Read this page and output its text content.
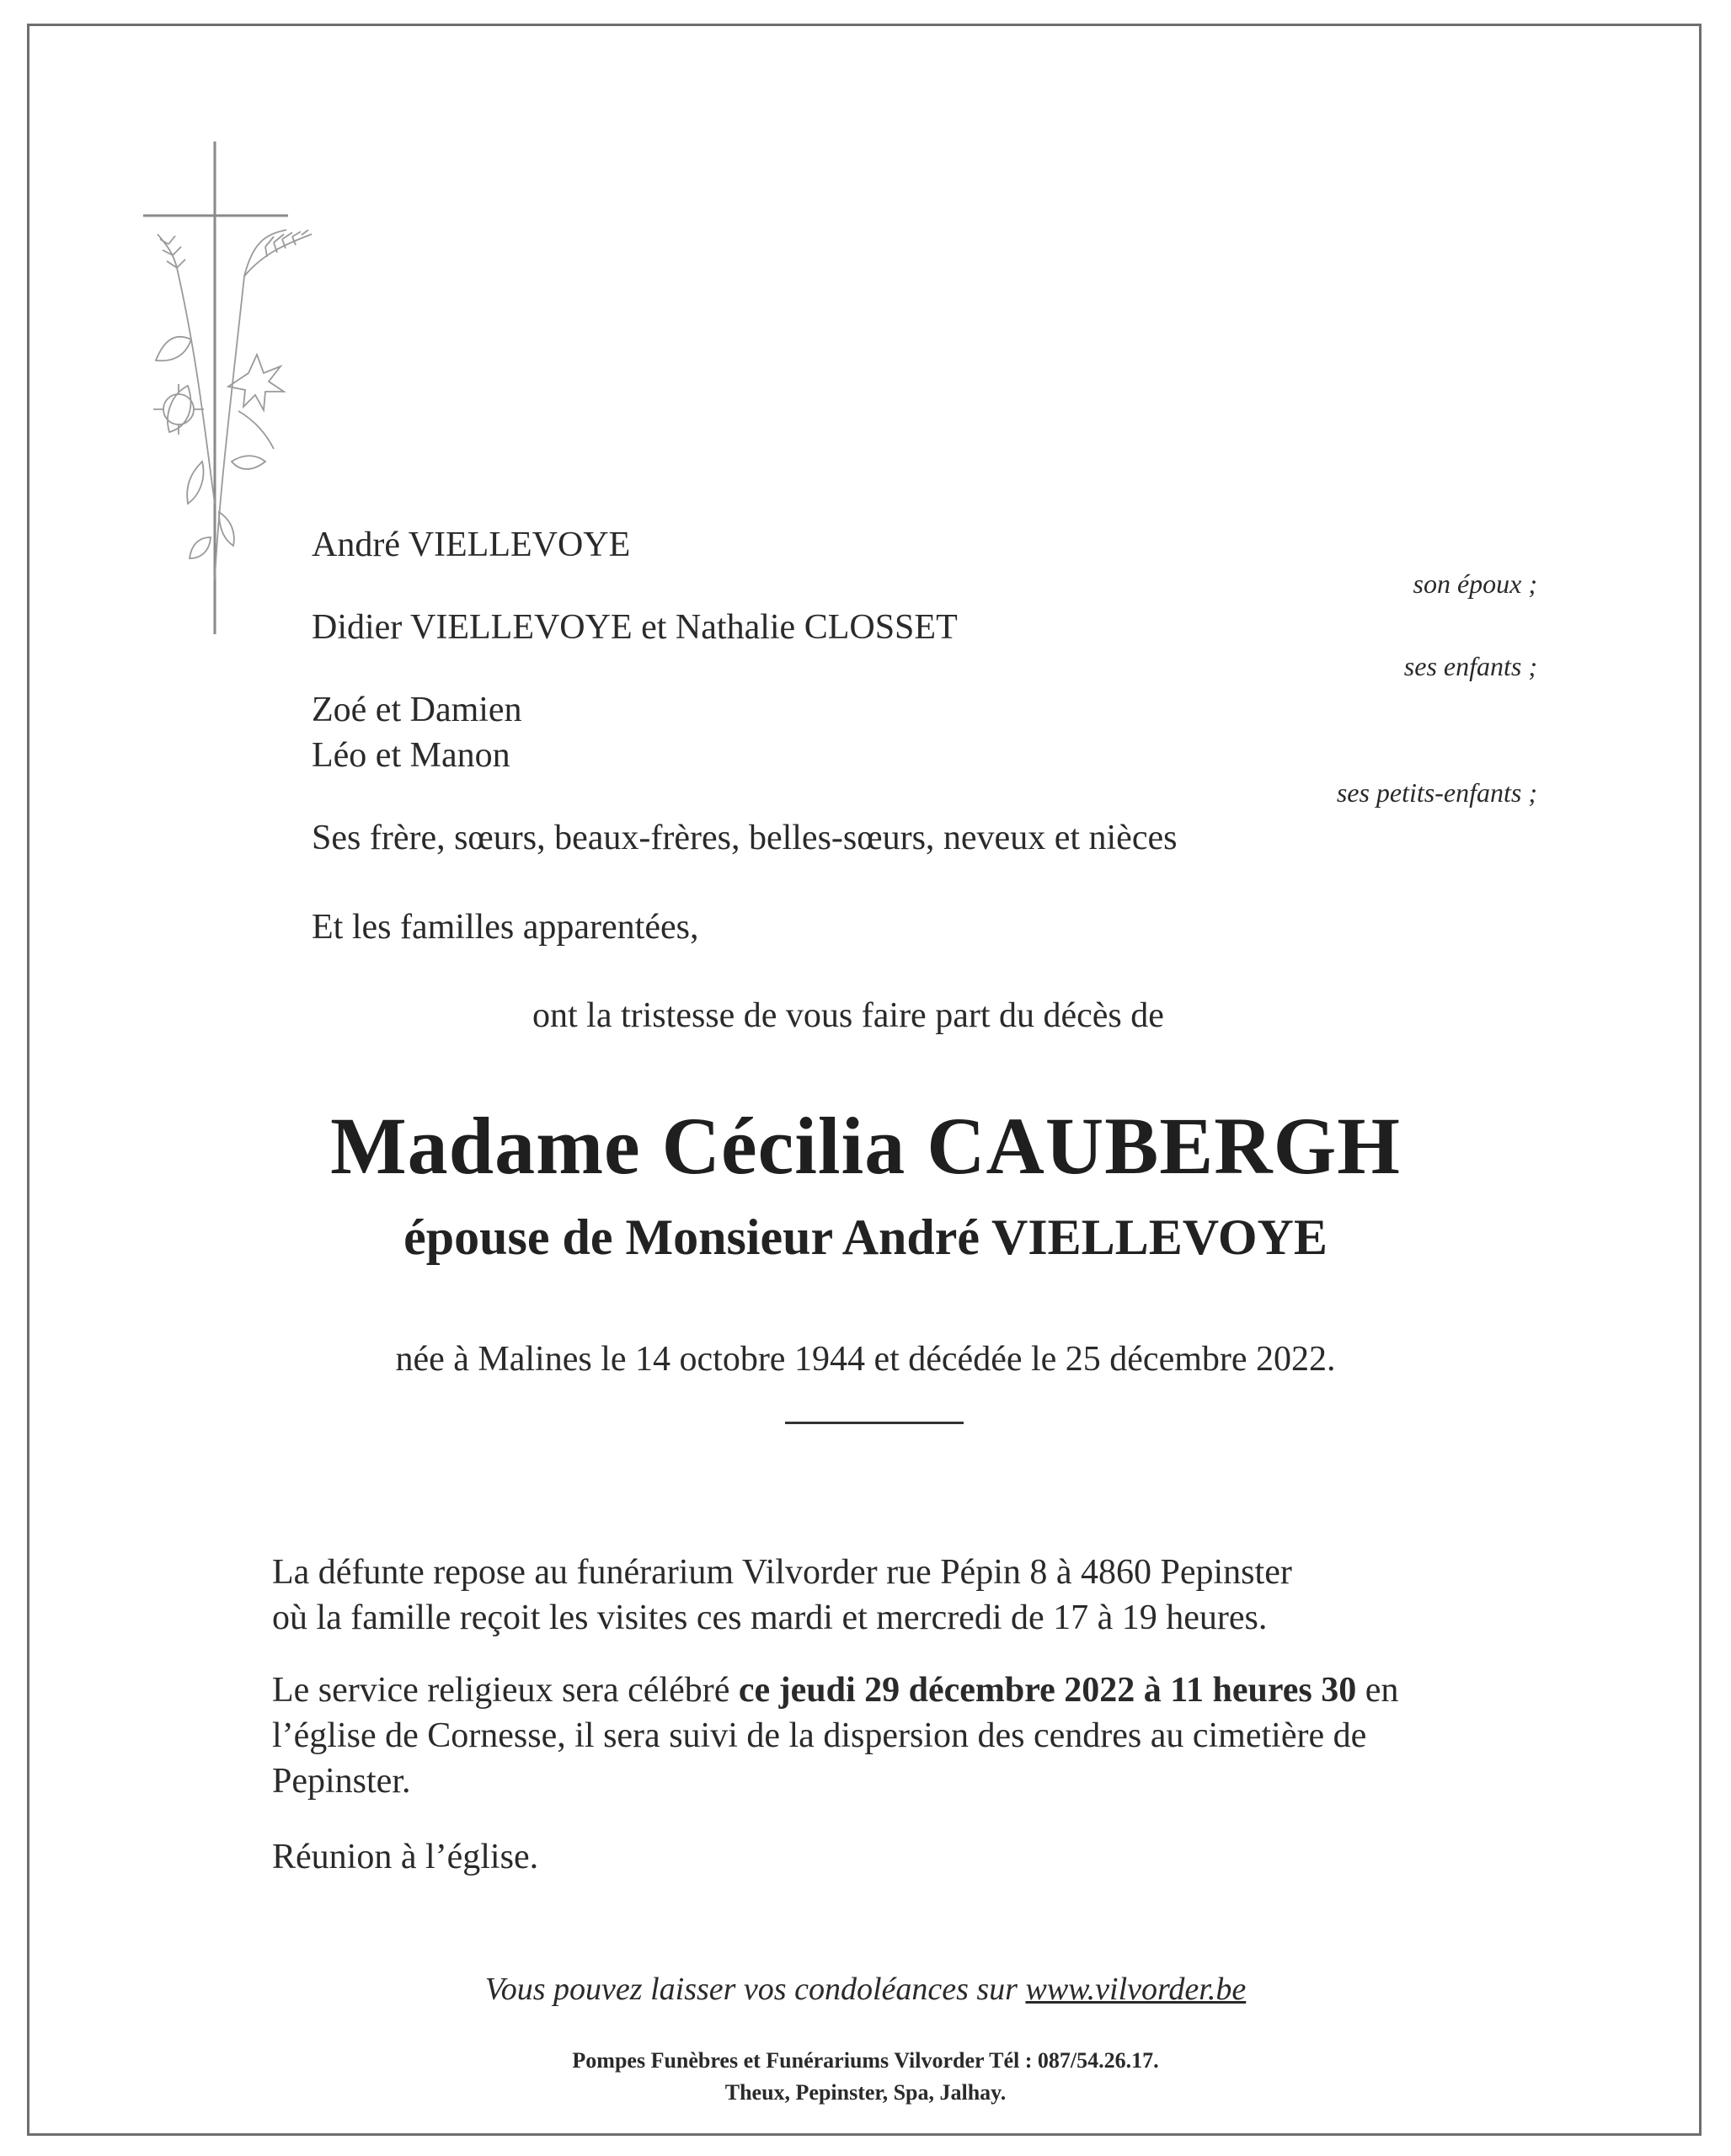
André VIELLEVOYE

son époux ;

Didier VIELLEVOYE et Nathalie CLOSSET

ses enfants ;

Zoé et Damien

Léo et Manon

ses petits-enfants ;

Ses frère, sœurs, beaux-frères, belles-sœurs, neveux et nièces

Et les familles apparentées,

ont la tristesse de vous faire part du décès de

Madame Cécilia CAUBERGH

épouse de Monsieur André VIELLEVOYE

née à Malines le 14 octobre 1944 et décédée le 25 décembre 2022.

La défunte repose au funérarium Vilvorder rue Pépin 8 à 4860 Pepinster
où la famille reçoit les visites ces mardi et mercredi de 17 à 19 heures.
Le service religieux sera célébré ce jeudi 29 décembre 2022 à 11 heures 30 en l’église de Cornesse, il sera suivi de la dispersion des cendres au cimetière de Pepinster.

Réunion à l’église.

Vous pouvez laisser vos condoléances sur www.vilvorder.be

Pompes Funèbres et Funérariums Vilvorder Tél : 087/54.26.17.
Theux, Pepinster, Spa, Jalhay.
